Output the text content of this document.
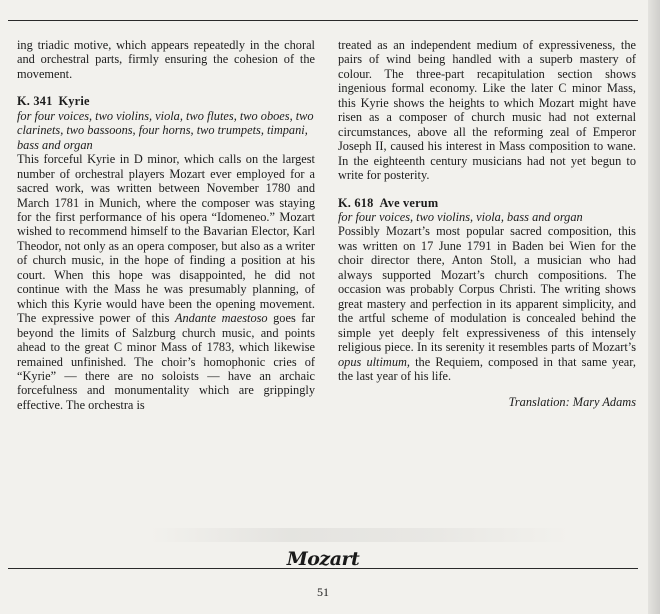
ing triadic motive, which appears repeatedly in the choral and orchestral parts, firmly ensuring the cohesion of the movement.

K. 341 Kyrie

for four voices, two violins, viola, two flutes, two oboes, two clarinets, two bassoons, four horns, two trumpets, timpani, bass and organ

This forceful Kyrie in D minor, which calls on the largest number of orchestral players Mozart ever employed for a sacred work, was written between November 1780 and March 1781 in Munich, where the composer was staying for the first performance of his opera “Idomeneo.” Mozart wished to recommend himself to the Bavarian Elector, Karl Theodor, not only as an opera composer, but also as a writer of church music, in the hope of finding a position at his court. When this hope was disappointed, he did not continue with the Mass he was presumably planning, of which this Kyrie would have been the opening movement. The expressive power of this Andante maestoso goes far beyond the limits of Salzburg church music, and points ahead to the great C minor Mass of 1783, which likewise remained unfinished. The choir’s homophonic cries of “Kyrie” — there are no soloists — have an archaic forcefulness and monumentality which are grippingly effective. The orchestra is

treated as an independent medium of expressiveness, the pairs of wind being handled with a superb mastery of colour. The three-part recapitulation section shows ingenious formal economy. Like the later C minor Mass, this Kyrie shows the heights to which Mozart might have risen as a composer of church music had not external circumstances, above all the reforming zeal of Emperor Joseph II, caused his interest in Mass composition to wane. In the eighteenth century musicians had not yet begun to write for posterity.

K. 618 Ave verum

for four voices, two violins, viola, bass and organ

Possibly Mozart’s most popular sacred composition, this was written on 17 June 1791 in Baden bei Wien for the choir director there, Anton Stoll, a musician who had always supported Mozart’s church compositions. The occasion was probably Corpus Christi. The writing shows great mastery and perfection in its apparent simplicity, and the artful scheme of modulation is concealed behind the simple yet deeply felt expressiveness of this intensely religious piece. In its serenity it resembles parts of Mozart’s opus ultimum, the Requiem, composed in that same year, the last year of his life.

Translation: Mary Adams

Mozart
51
